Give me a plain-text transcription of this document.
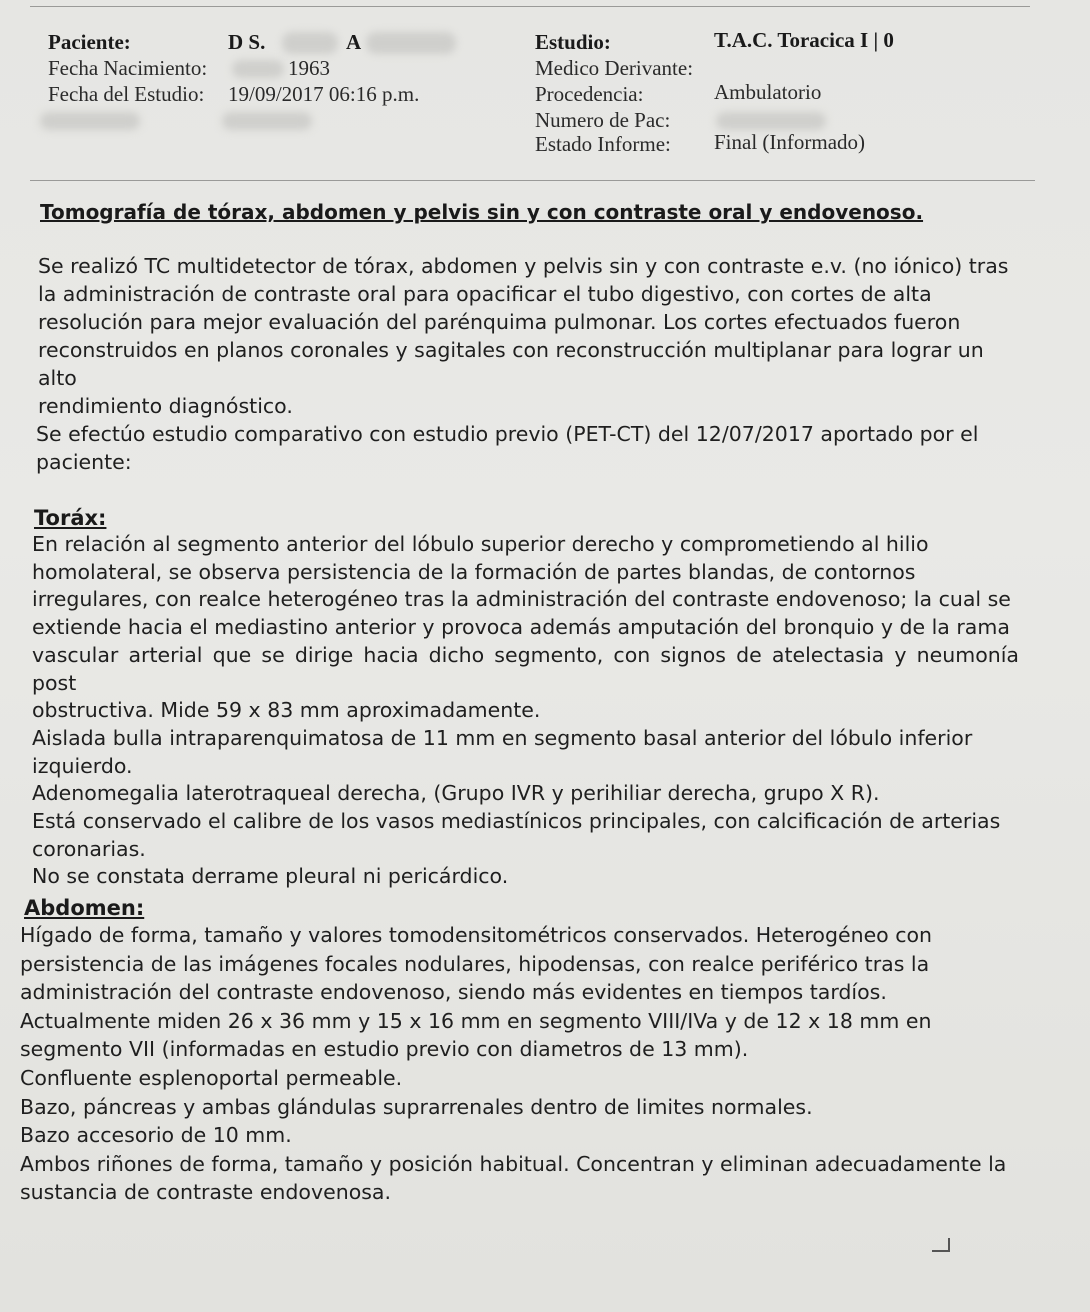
Paciente:	D S.	A
Fecha Nacimiento:	1963
Fecha del Estudio: 19/09/2017 06:16 p.m.
Estudio:	T.A.C. Toracica I | 0
Medico Derivante:
Procedencia:	Ambulatorio
Numero de Pac:
Estado Informe: Final (Informado)
Tomografía de tórax, abdomen y pelvis sin y con contraste oral y endovenoso.
Se realizó TC multidetector de tórax, abdomen y pelvis sin y con contraste e.v. (no iónico) tras
la administración de contraste oral para opacificar el tubo digestivo, con cortes de alta
resolución para mejor evaluación del parénquima pulmonar. Los cortes efectuados fueron
reconstruidos en planos coronales y sagitales con reconstrucción multiplanar para lograr un alto
rendimiento diagnóstico.
Se efectúo estudio comparativo con estudio previo (PET-CT) del 12/07/2017 aportado por el
paciente:
Toráx:
En relación al segmento anterior del lóbulo superior derecho y comprometiendo al hilio
homolateral, se observa persistencia de la formación de partes blandas, de contornos
irregulares, con realce heterogéneo tras la administración del contraste endovenoso; la cual se
extiende hacia el mediastino anterior y provoca además amputación del bronquio y de la rama
vascular arterial que se dirige hacia dicho segmento, con signos de atelectasia y neumonía post
obstructiva. Mide 59 x 83 mm aproximadamente.
Aislada bulla intraparenquimatosa de 11 mm en segmento basal anterior del lóbulo inferior
izquierdo.
Adenomegalia laterotraqueal derecha, (Grupo IVR y perihiliar derecha, grupo X R).
Está conservado el calibre de los vasos mediastínicos principales, con calcificación de arterias
coronarias.
No se constata derrame pleural ni pericárdico.
Abdomen:
Hígado de forma, tamaño y valores tomodensitométricos conservados. Heterogéneo con
persistencia de las imágenes focales nodulares, hipodensas, con realce periférico tras la
administración del contraste endovenoso, siendo más evidentes en tiempos tardíos.
Actualmente miden 26 x 36 mm y 15 x 16 mm en segmento VIII/IVa y de 12 x 18 mm en
segmento VII (informadas en estudio previo con diametros de 13 mm).
Confluente esplenoportal permeable.
Bazo, páncreas y ambas glándulas suprarrenales dentro de limites normales.
Bazo accesorio de 10 mm.
Ambos riñones de forma, tamaño y posición habitual. Concentran y eliminan adecuadamente la
sustancia de contraste endovenosa.
